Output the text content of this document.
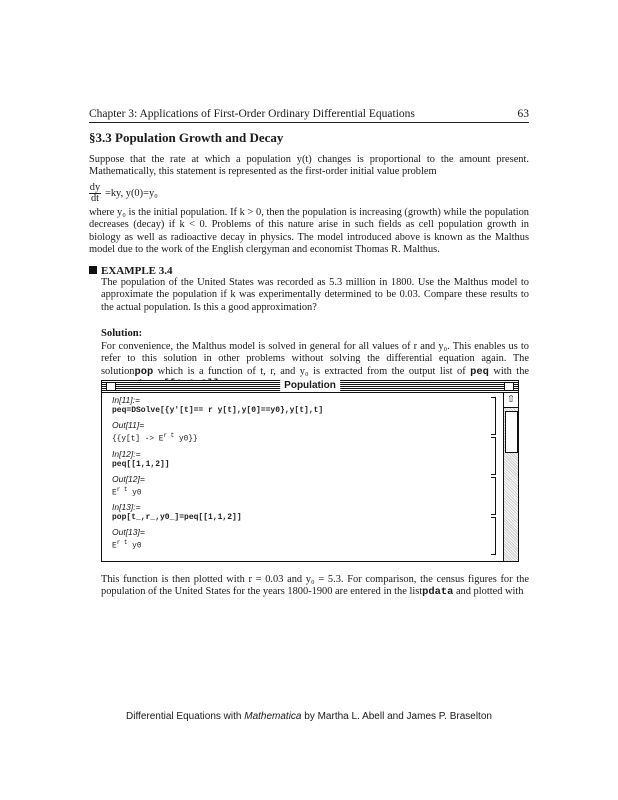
Chapter 3: Applications of First-Order Ordinary Differential Equations	63
§3.3 Population Growth and Decay
Suppose that the rate at which a population y(t) changes is proportional to the amount present. Mathematically, this statement is represented as the first-order initial value problem
dy
dt =ky, y(0)=y₀
where y₀ is the initial population. If k > 0, then the population is increasing (growth) while the population decreases (decay) if k < 0. Problems of this nature arise in such fields as cell population growth in biology as well as radioactive decay in physics. The model introduced above is known as the Malthus model due to the work of the English clergyman and economist Thomas R. Malthus.
EXAMPLE 3.4
The population of the United States was recorded as 5.3 million in 1800. Use the Malthus model to approximate the population if k was experimentally determined to be 0.03. Compare these results to the actual population. Is this a good approximation?
Solution:
For convenience, the Malthus model is solved in general for all values of r and y₀. This enables us to refer to this solution in other problems without solving the differential equation again. The solutionpop which is a function of t, r, and y₀ is extracted from the output list of peq with the
Population
⇧
In[11]:=
peq=DSolve[{y'[t]== r y[t],y[0]==y0},y[t],t]
Out[11]=
{{$y[t] -> E^{r t}$ y0}}
In[12]:=
peq[[1,1,2]]
Out[12]=
$E^{r t}$ y0
In[13]:=
pop[t_,r_,y0_]=peq[[1,1,2]]
Out[13]=
$E^{r t}$ y0
This function is then plotted with r = 0.03 and y₀ = 5.3. For comparison, the census figures for the population of the United States for the years 1800-1900 are entered in the listpdata and plotted with
Differential Equations with Mathematica by Martha L. Abell and James P. Braselton
